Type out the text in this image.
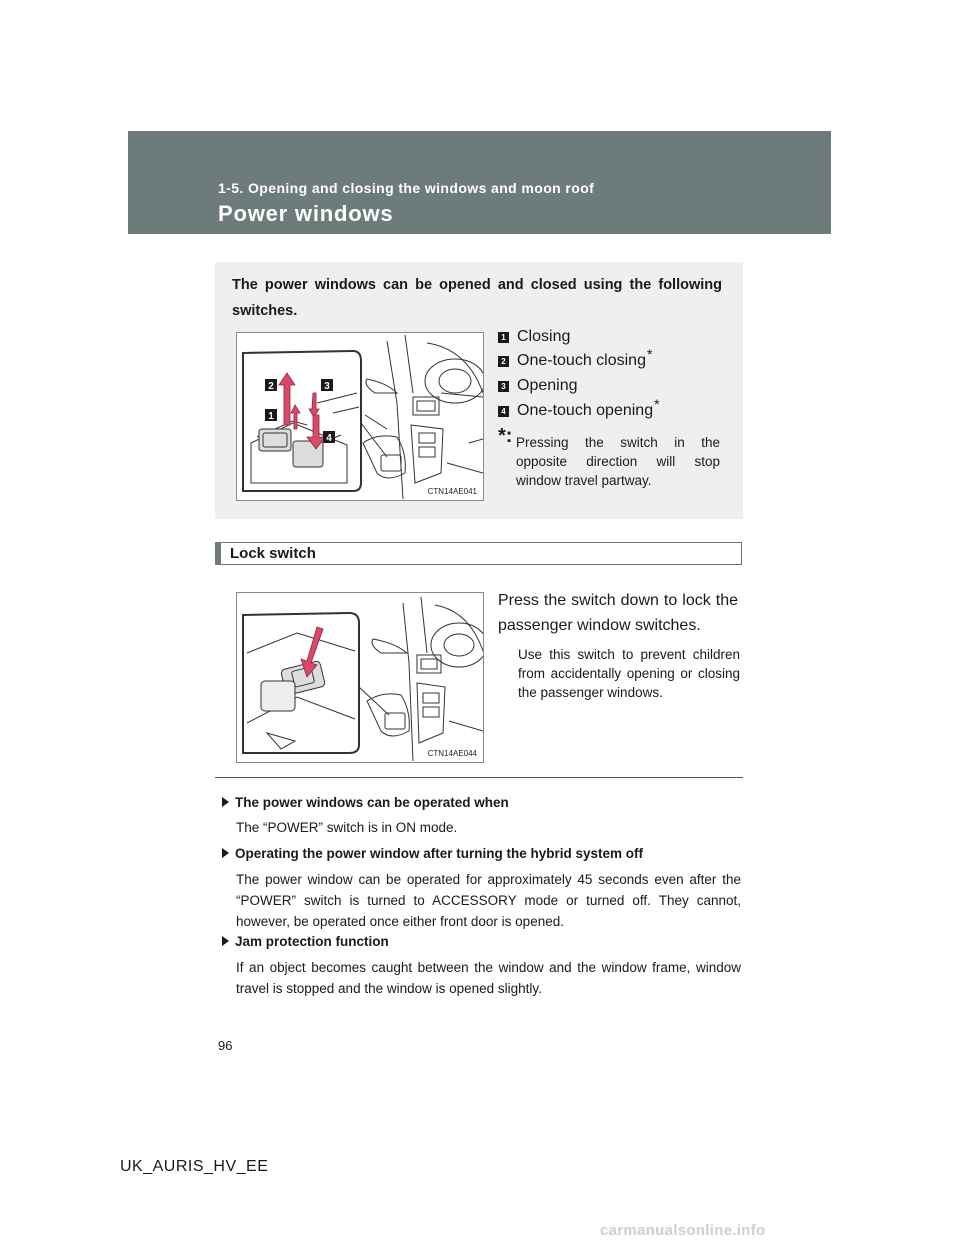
1-5. Opening and closing the windows and moon roof
Power windows
The power windows can be opened and closed using the following switches.
2	3
1
4
CTN14AE041
1 Closing
2 One-touch closing *
3 Opening
4 One-touch opening *
*: Pressing the switch in the opposite direction will stop window travel partway.
Lock switch
CTN14AE044
Press the switch down to lock the passenger window switches.
Use this switch to prevent children from accidentally opening or closing the passenger windows.
The power windows can be operated when
The “POWER” switch is in ON mode.
Operating the power window after turning the hybrid system off
The power window can be operated for approximately 45 seconds even after the “POWER” switch is turned to ACCESSORY mode or turned off. They cannot, however, be operated once either front door is opened.
Jam protection function
If an object becomes caught between the window and the window frame, window travel is stopped and the window is opened slightly.
96
UK_AURIS_HV_EE
carmanualsonline.info
